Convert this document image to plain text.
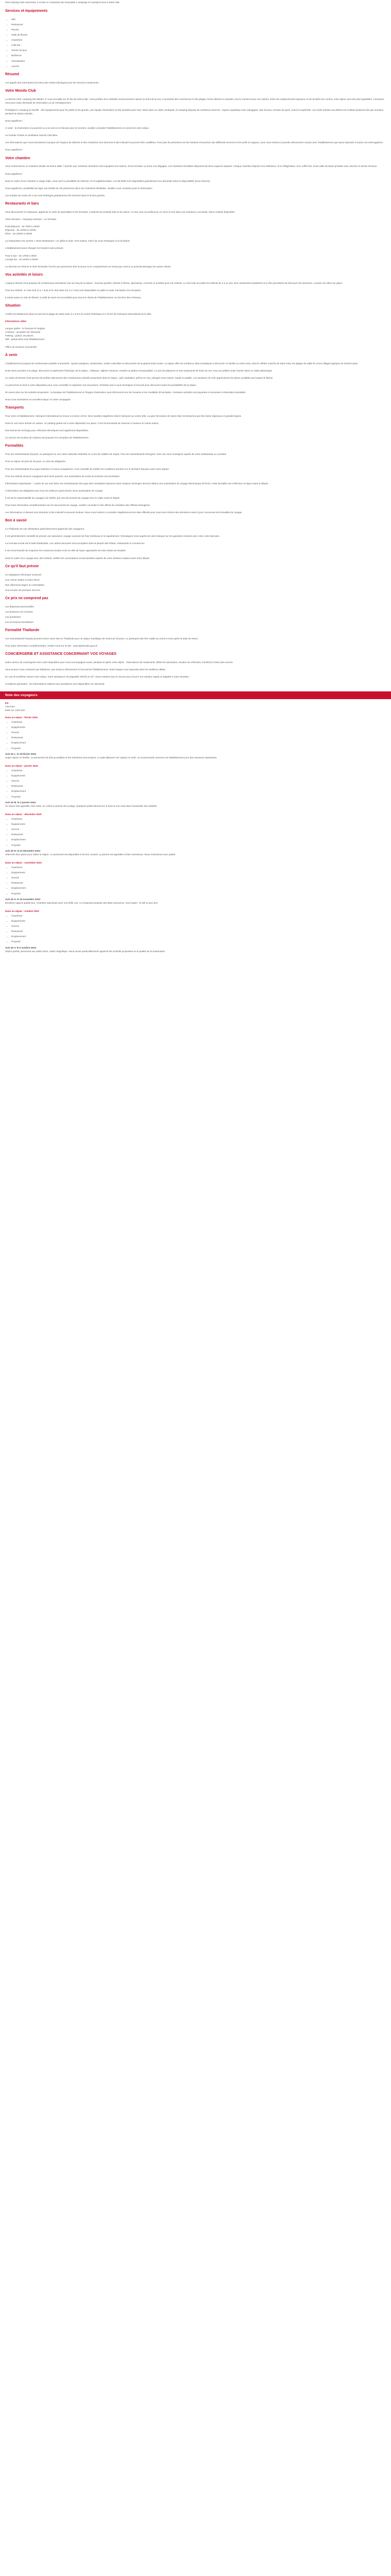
Petit camping mais surprenant, 3 et plus en comparant par Sunnydale 5 campings à 5 quelques lieux à Saint-Clair.

Services et équipements
• Wifi
• Restaurant
• Piscine
• Salle de fitness
• Chambres
• Cafe bar
• Terrain de jeux
• Barbecue
• Climatisation
• Laverie
Résumé

Les appels des internautes font deux des visites identiques pour les services mentionnés.

Votre Mondo Club

Le Mondo Club: camping Des Bastre 4* vous accueille sur le site de Saint-Clair. Vous profitez d'un véritable environnement naturel au bord de la mer, à proximité des commerces et des plages. Entre détente et activités, tout le monde trouve son rythme. Entre les emplacements spacieux et les locatifs tout confort, votre séjour sera des plus agréables. Contactez-nous pour toute demande de réservation ou de renseignement.

Privilégiez le camping en famille : des équipements pour les petits et les grands, une équipe d'animation et des activités pour tous. Situé dans un cadre verdoyant, le camping dispose de nombreux services : espace aquatique avec toboggans, aire de jeux, terrains de sport, snack et supérette. Les clubs enfants accueillent vos enfants plusieurs fois par semaine pendant la saison estivale.

Nous appellons !

À noter : la réservation à la journée ou à la nuit ne se fait pas pour le moment, veuillez consulter l'établissement en amont de votre séjour.

La Grande Chaise et ventilateur Mondo Club Bleu.

Les informations que nous fournissons à propos de l'espace de détente et des chambres sont données à titre indicatif et peuvent être modifiées. Pour plus de précisions sur les horaires d'ouverture des différents services et les tarifs en vigueur, nous vous invitons à prendre directement contact avec l'établissement qui saura répondre à toutes vos interrogations.

Nous appellons !

Votre chambre

Vous rechercherez un chambre double de bonne taille ? Sachez que certaines chambres sont équipées d'un balcon, d'une terrasse ou d'une vue dégagée. Les chambres familiales disposent de deux espaces séparés. Chaque chambre dispose d'un téléviseur, d'un réfrigérateur, d'un coffre-fort, d'une salle de bains privative avec douche et sèche-cheveux.

Nous appellons !

Dans le cadre d'une chambre à usage triple, vous avez la possibilité de réserver un lit supplémentaire. Les lits bébé sont disponibles gratuitement sur demande selon la disponibilité (sous réserve).

Nous appellons!, possibilité de loger une famille de 4/5 personnes dans nos chambres familiales. Veuillez nous contacter pour la réservation.

Les enfants de moins de 2 ans sont hébergés gratuitement s'ils dorment dans le lit des parents.

Restaurants et bars

Vous découvrirez le restaurant, apprécier la carte de spécialités et les formules, composé de produits frais et de saison. Le bar vous accueille pour un verre le soir dans une ambiance conviviale. Menu enfants disponible.

Votre domaine : Camping Aventure - La Terrasse

Petit-déjeuner : de 7h00 à 10h00
Déjeuner : de 12h00 à 14h30
Dîner : de 19h00 à 22h00

La restauration est ouverte « Nous Restaurant » en juillet et août. Hors saison, merci de vous renseigner à la réception.

L'établissement peut changer les horaires sans préavis.

Pour le bar : de 17h00 à 0h00
Lounge bar : de 11h00 à 23h00

La direction se réserve le droit d'interdire l'accès aux personnes dont la tenue ou le comportement ne serait pas correct ou pourrait déranger les autres clients.

Vos activités et loisirs

L'espace Mondo Club propose de nombreuses animations tout au long de la saison : tournois sportifs, soirées à thème, spectacles, concerts et activités pour les enfants. Le mini-club accueille les enfants de 4 à 12 ans. Des randonnées pédestres et à vélo permettent de découvrir les alentours. Location de vélos sur place.

Pour les enfants : le mini-club (4 à 7 ans) et le club ados (12 à 17 ans) sont disponibles en juillet et août. Inscription à la réception.

Il existe aussi un club de fitness, la salle de sport est accessible pour tous les clients de l'établissement, en fonction des créneaux.

Situation

L'hôtel est idéalement situé au bord de la plage de Saint-Clair, à 1,5 km du centre historique et à 10 km de l'aéroport international de la ville.

Informations utiles

Langue parlée : le français et l'anglais
Animaux : acceptés sur demande
Parking : gratuit, 30 places
Wifi : gratuit dans tout l'établissement

Office de tourisme à proximité.

À venir

L'établissement propose de nombreuses activités à proximité : sports nautiques, randonnées, visites culturelles et découverte de la gastronomie locale. La région offre de nombreux sites touristiques à découvrir en famille ou entre amis, dont le célèbre marché de Saint-Clair, les plages de sable fin et les villages typiques de l'arrière-pays.

Entre deux journées à la plage, découvrez le patrimoine historique de la région : châteaux, églises romanes, musées et jardins remarquables. Le port de plaisance et ses restaurants de fruits de mer vous accueillent toute l'année dans un cadre pittoresque.

Le cadre de Mondo Club permet de profiter pleinement des nombreuses activités proposées dans la région : golf, équitation, pêche en mer, plongée sous-marine, kayak et paddle. Les amateurs de vélo apprécieront les pistes cyclables qui longent le littoral.

Le personnel se tient à votre disposition pour vous conseiller et organiser vos excursions. N'hésitez pas à vous renseigner à l'accueil pour découvrir toutes les possibilités de la région.

En savoir plus sur les activités proposées : la boutique de l'établissement et l'équipe d'animation vous informeront sur les horaires et les modalités d'inscription. Certaines activités sont payantes et soumises à réservation préalable.

Nous vous souhaitons un excellent séjour en notre compagnie.

Transports

Pour venir à l'établissement, l'aéroport international se trouve à environ 10 km. Des navettes régulières relient l'aéroport au centre-ville. La gare ferroviaire de Saint-Clair est desservie par des trains régionaux et grandes lignes.

Dans le cas d'une arrivée en voiture, un parking gratuit est à votre disposition sur place. Il est recommandé de réserver à l'avance en haute saison.

Des bornes de recharge pour véhicules électriques sont également disponibles.

Un service de location de voitures est proposé à la réception de l'établissement.

Formalités

Pour les ressortissants français, un passeport ou une carte nationale d'identité en cours de validité est requis. Pour les ressortissants étrangers, merci de vous renseigner auprès de votre ambassade ou consulat.

Pour un séjour de plus de 30 jours, un visa est obligatoire.

Pour les ressortissants d'un pays extérieur à l'Union européenne, il est conseillé de vérifier les conditions d'entrée sur le territoire français avant votre départ.

Pour les enfants mineurs voyageant sans leurs parents, une autorisation de sortie du territoire est nécessaire.

Informations importantes : À partir du 1er mai 2023, les ressortissants des pays tiers souhaitant séjourner dans l'espace Schengen devront obtenir une autorisation de voyage électronique (ETIAS). Cette formalité est à effectuer en ligne avant le départ.

L'information est obligatoire pour tous les visiteurs ayant besoin d'une autorisation de voyage.

Il est de la responsabilité du voyageur de vérifier que ses documents de voyage sont en règle avant le départ.

Pour toute information complémentaire sur les documents de voyage, veuillez consulter le site officiel du ministère des Affaires étrangères.

Les informations ci-dessus sont données à titre indicatif et peuvent évoluer. Nous vous invitons à consulter régulièrement les sites officiels pour vous tenir informé des dernières mises à jour concernant les formalités de voyage.

Bon à savoir

Le Thailande est une destination particulièrement appréciée des voyageurs.

Il est généralement conseillé de prévoir une assurance voyage couvrant les frais médicaux et le rapatriement. Renseignez-vous auprès de votre banque sur les garanties incluses avec votre carte bancaire.

La monnaie locale est le baht thaïlandais. Les cartes bancaires sont acceptées dans la plupart des hôtels, restaurants et commerces.

Il est recommandé de respecter les coutumes locales et de se vêtir de façon appropriée lors des visites de temples.

Dans le cadre d'un voyage avec des enfants, vérifiez les vaccinations recommandées auprès de votre médecin traitant avant votre départ.

Ce qu'il faut prévoir
Un adaptateur électrique universel
Une crème solaire à indice élevé
Des vêtements légers et confortables
Une trousse de premiers secours
Ce prix ne comprend pas
Les dépenses personnelles
Les boissons non incluses
Les pourboires
Les excursions facultatives
Formalité Thaïlande

Les ressortissants français peuvent entrer sans visa en Thaïlande pour un séjour touristique de moins de 30 jours. Le passeport doit être valide au moins 6 mois après la date de retour.

Pour toute information complémentaire, rendez-vous sur le site : www.diplomatie.gouv.fr

CONCIERGERIE ET ASSISTANCE CONCERNANT VOS VOYAGES

Notre service de conciergerie est à votre disposition pour vous accompagner avant, pendant et après votre séjour : réservations de restaurants, billets de spectacles, location de véhicules, transferts et bien plus encore.

Vous pouvez nous contacter par téléphone, par email ou directement à l'accueil de l'établissement. Notre équipe vous répondra dans les meilleurs délais.

En cas de problème durant votre séjour, notre assistance est joignable 24h/24 et 7j/7. Nous mettons tout en œuvre pour trouver une solution rapide et adaptée à votre situation.

Conditions générales : les informations relatives aux prestations sont disponibles sur demande.

Note des voyageurs

8,6
Très bien
basé sur 1222 avis

Dans un séjour : février 2024
• Chambres
• Équipements
• Service
• Restaurant
• Emplacement
• Propreté
Avis de L. le 18 février 2024

Super séjour en famille. Le personnel est très accueillant et les chambres sont propres. Le petit-déjeuner est copieux et varié. Je recommande vivement cet établissement pour des vacances reposantes.

Dans un séjour : janvier 2024
• Chambres
• Équipements
• Service
• Restaurant
• Emplacement
• Propreté
Avis de M. le 3 janvier 2024

Un séjour très agréable, bien situé, au calme et proche de la plage. Quelques petits bémols sur le bruit le soir mais dans l'ensemble très satisfait.

Dans un séjour : décembre 2023
• Chambres
• Équipements
• Service
• Restaurant
• Emplacement
• Propreté
Avis de R. le 22 décembre 2023

Hôtel très bien placé pour visiter la région. Le personnel est disponible et de bon conseil. La piscine est agréable et bien entretenue. Nous reviendrons avec plaisir.

Dans un séjour : novembre 2023
• Chambres
• Équipements
• Service
• Restaurant
• Emplacement
• Propreté
Avis de S. le 10 novembre 2023

Excellent rapport qualité-prix. Chambre spacieuse avec une belle vue. Le restaurant propose des plats savoureux. Seul regret : le wifi un peu lent.

Dans un séjour : octobre 2023
• Chambres
• Équipements
• Service
• Restaurant
• Emplacement
• Propreté
Avis de V. le 5 octobre 2023

Séjour parfait, personnel aux petits soins, cadre magnifique. Nous avons particulièrement apprécié les activités proposées et la qualité de la restauration.
